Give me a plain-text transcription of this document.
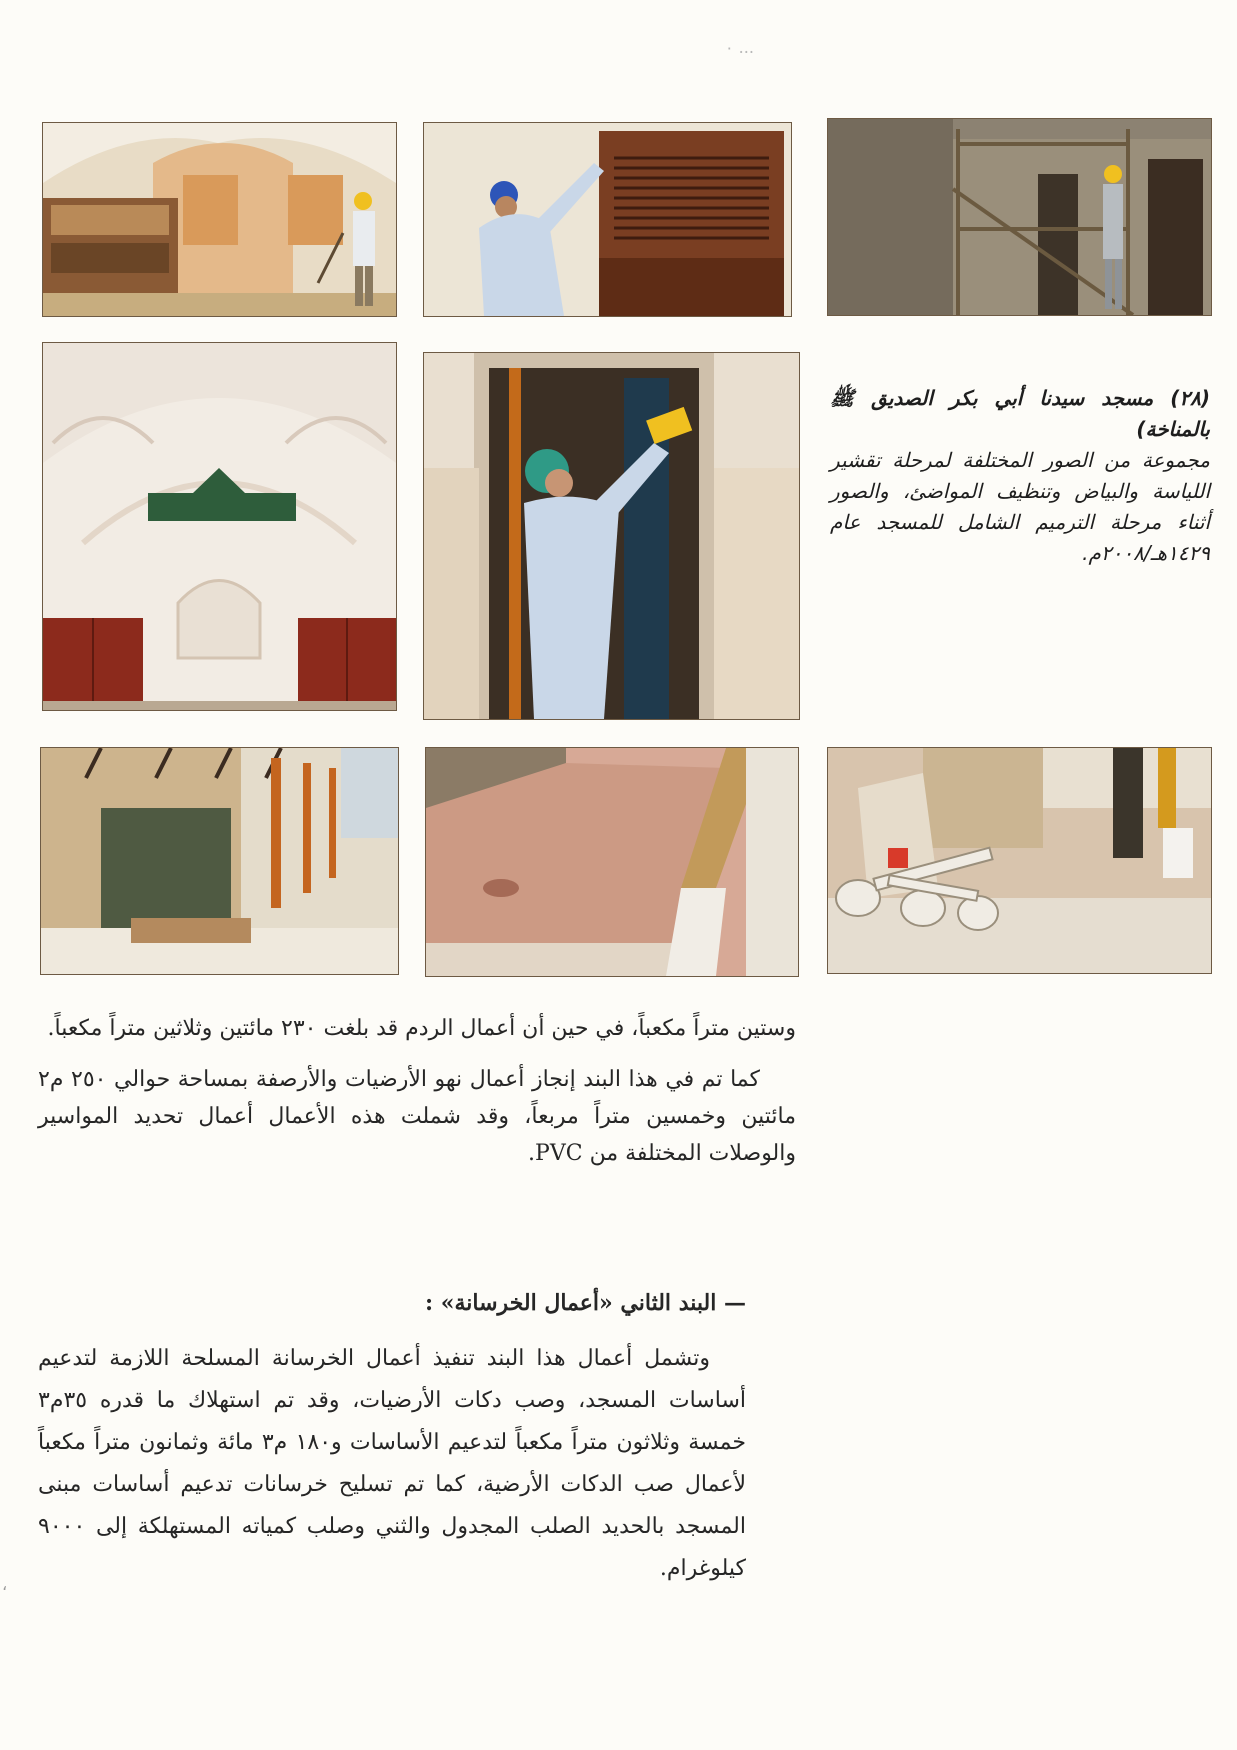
٠ ...
،
(٢٨) مسجد سيدنا أبي بكر الصديق ﷺ بالمناخة)
مجموعة من الصور المختلفة لمرحلة تقشير اللياسة والبياض وتنظيف المواضئ، والصور أثناء مرحلة الترميم الشامل للمسجد عام ١٤٢٩هـ/٢٠٠٨م.
وستين متراً مكعباً، في حين أن أعمال الردم قد بلغت ٢٣٠ مائتين وثلاثين متراً مكعباً.
كما تم في هذا البند إنجاز أعمال نهو الأرضيات والأرصفة بمساحة حوالي ٢٥٠ م٢ مائتين وخمسين متراً مربعاً، وقد شملت هذه الأعمال أعمال تحديد المواسير والوصلات المختلفة من PVC.
— البند الثاني «أعمال الخرسانة» :
وتشمل أعمال هذا البند تنفيذ أعمال الخرسانة المسلحة اللازمة لتدعيم أساسات المسجد، وصب دكات الأرضيات، وقد تم استهلاك ما قدره ٣٥م٣ خمسة وثلاثون متراً مكعباً لتدعيم الأساسات و١٨٠ م٣ مائة وثمانون متراً مكعباً لأعمال صب الدكات الأرضية، كما تم تسليح خرسانات تدعيم أساسات مبنى المسجد بالحديد الصلب المجدول والثني وصلب كمياته المستهلكة إلى ٩٠٠٠ كيلوغرام.
